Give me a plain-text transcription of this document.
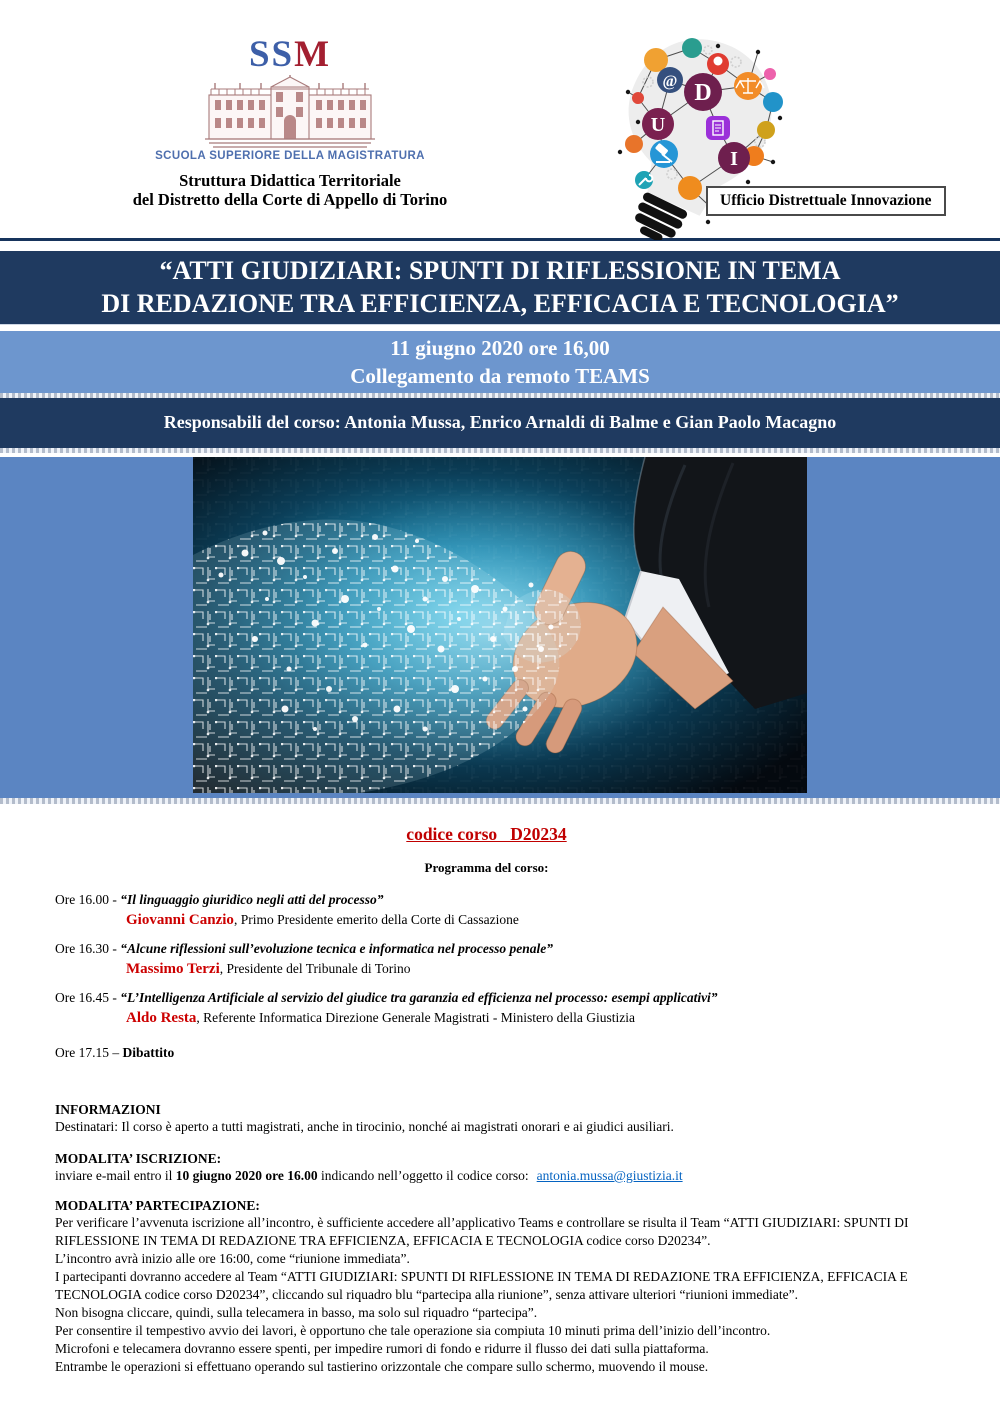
SSM
SCUOLA SUPERIORE DELLA MAGISTRATURA
Struttura Didattica Territoriale
del Distretto della Corte di Appello di Torino
@
U
D
I
Ufficio Distrettuale Innovazione
“ATTI GIUDIZIARI: SPUNTI DI RIFLESSIONE IN TEMA
DI REDAZIONE TRA EFFICIENZA, EFFICACIA E TECNOLOGIA”
11 giugno 2020 ore 16,00
Collegamento da remoto TEAMS
Responsabili del corso: Antonia Mussa, Enrico Arnaldi di Balme e Gian Paolo Macagno
codice corso   D20234
Programma del corso:
Ore 16.00 - “Il linguaggio giuridico negli atti del processo”
Giovanni Canzio, Primo Presidente emerito della Corte di Cassazione
Ore 16.30 - “Alcune riflessioni sull’evoluzione tecnica e informatica nel processo penale”
Massimo Terzi, Presidente del Tribunale di Torino
Ore 16.45 - “L’Intelligenza Artificiale al servizio del giudice tra garanzia ed efficienza nel processo: esempi applicativi”
Aldo Resta, Referente Informatica Direzione Generale Magistrati - Ministero della Giustizia
Ore 17.15 – Dibattito
INFORMAZIONI
Destinatari: Il corso è aperto a tutti magistrati, anche in tirocinio, nonché ai magistrati onorari e ai giudici ausiliari.
MODALITA’ ISCRIZIONE:
inviare e-mail entro il 10 giugno 2020 ore 16.00 indicando nell’oggetto il codice corso: antonia.mussa@giustizia.it
MODALITA’ PARTECIPAZIONE:
Per verificare l’avvenuta iscrizione all’incontro, è sufficiente accedere all’applicativo Teams e controllare se risulta il Team “ATTI GIUDIZIARI: SPUNTI DI RIFLESSIONE IN TEMA DI REDAZIONE TRA EFFICIENZA, EFFICACIA E TECNOLOGIA codice corso D20234”.
L’incontro avrà inizio alle ore 16:00, come “riunione immediata”.
I partecipanti dovranno accedere al Team “ATTI GIUDIZIARI: SPUNTI DI RIFLESSIONE IN TEMA DI REDAZIONE TRA EFFICIENZA, EFFICACIA E TECNOLOGIA codice corso D20234”, cliccando sul riquadro blu “partecipa alla riunione”, senza attivare ulteriori “riunioni immediate”.
Non bisogna cliccare, quindi, sulla telecamera in basso, ma solo sul riquadro “partecipa”.
Per consentire il tempestivo avvio dei lavori, è opportuno che tale operazione sia compiuta 10 minuti prima dell’inizio dell’incontro.
Microfoni e telecamera dovranno essere spenti, per impedire rumori di fondo e ridurre il flusso dei dati sulla piattaforma.
Entrambe le operazioni si effettuano operando sul tastierino orizzontale che compare sullo schermo, muovendo il mouse.
